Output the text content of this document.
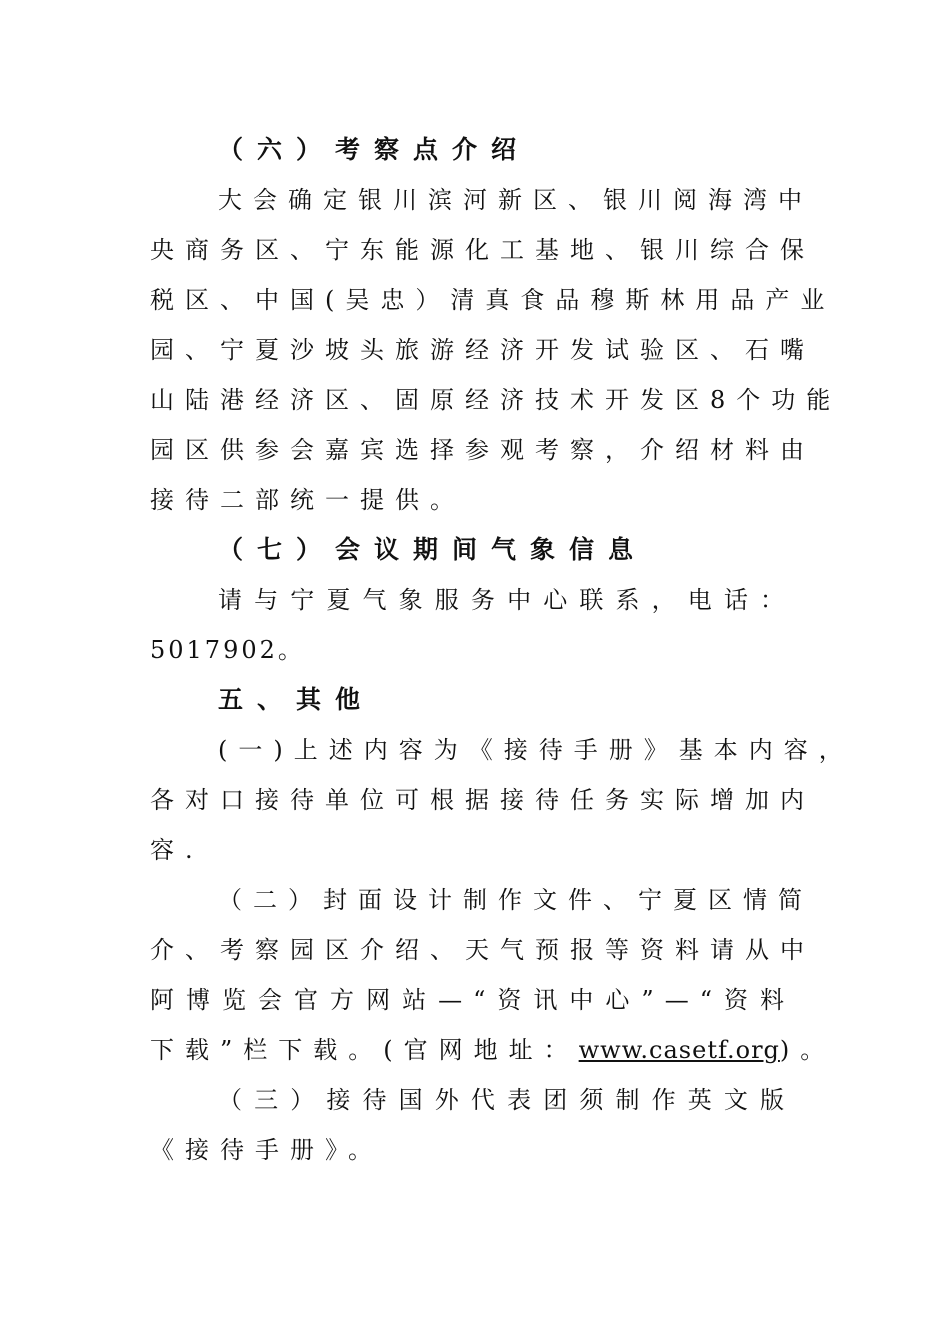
（六）考察点介绍
大会确定银川滨河新区、银川阅海湾中
央商务区、宁东能源化工基地、银川综合保
税区、中国(吴忠）清真食品穆斯林用品产业
园、宁夏沙坡头旅游经济开发试验区、石嘴
山陆港经济区、固原经济技术开发区8个功能
园区供参会嘉宾选择参观考察，介绍材料由
接待二部统一提供。
（七）会议期间气象信息
请与宁夏气象服务中心联系，电话：
5017902。
五、其他
(一)上述内容为《接待手册》基本内容，
各对口接待单位可根据接待任务实际增加内
容.
（二）封面设计制作文件、宁夏区情简
介、考察园区介绍、天气预报等资料请从中
阿博览会官方网站—“资讯中心”—“资料
下载”栏下载。(官网地址：www.casetf.org)。
（三）接待国外代表团须制作英文版
《接待手册》。
